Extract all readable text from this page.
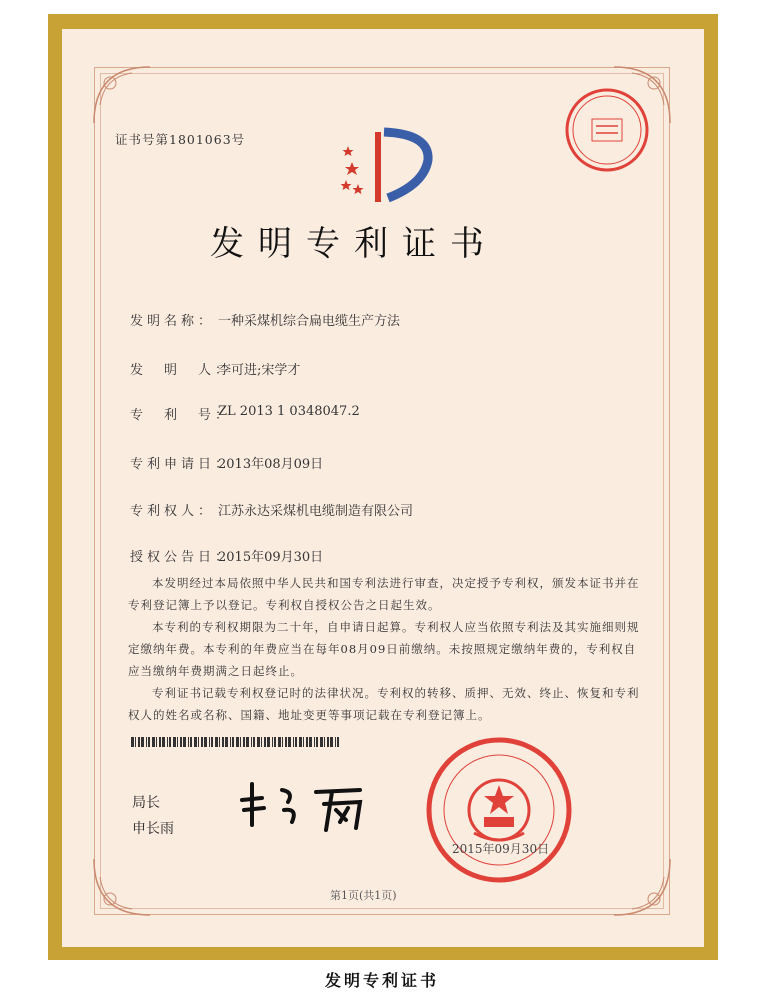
证书号第1801063号
发明专利证书
发明名称： 一种采煤机综合扁电缆生产方法
发　明　人：
李可进;宋学才
专　利　号：
ZL 2013 1 0348047.2
专利申请日：
2013年08月09日
专利权人： 江苏永达采煤机电缆制造有限公司
授权公告日：
2015年09月30日
本发明经过本局依照中华人民共和国专利法进行审查，决定授予专利权，颁发本证书并在专利登记簿上予以登记。专利权自授权公告之日起生效。
本专利的专利权期限为二十年，自申请日起算。专利权人应当依照专利法及其实施细则规定缴纳年费。本专利的年费应当在每年08月09日前缴纳。未按照规定缴纳年费的，专利权自应当缴纳年费期满之日起终止。
专利证书记载专利权登记时的法律状况。专利权的转移、质押、无效、终止、恢复和专利权人的姓名或名称、国籍、地址变更等事项记载在专利登记簿上。
局长
申长雨
2015年09月30日
第1页(共1页)
发明专利证书
